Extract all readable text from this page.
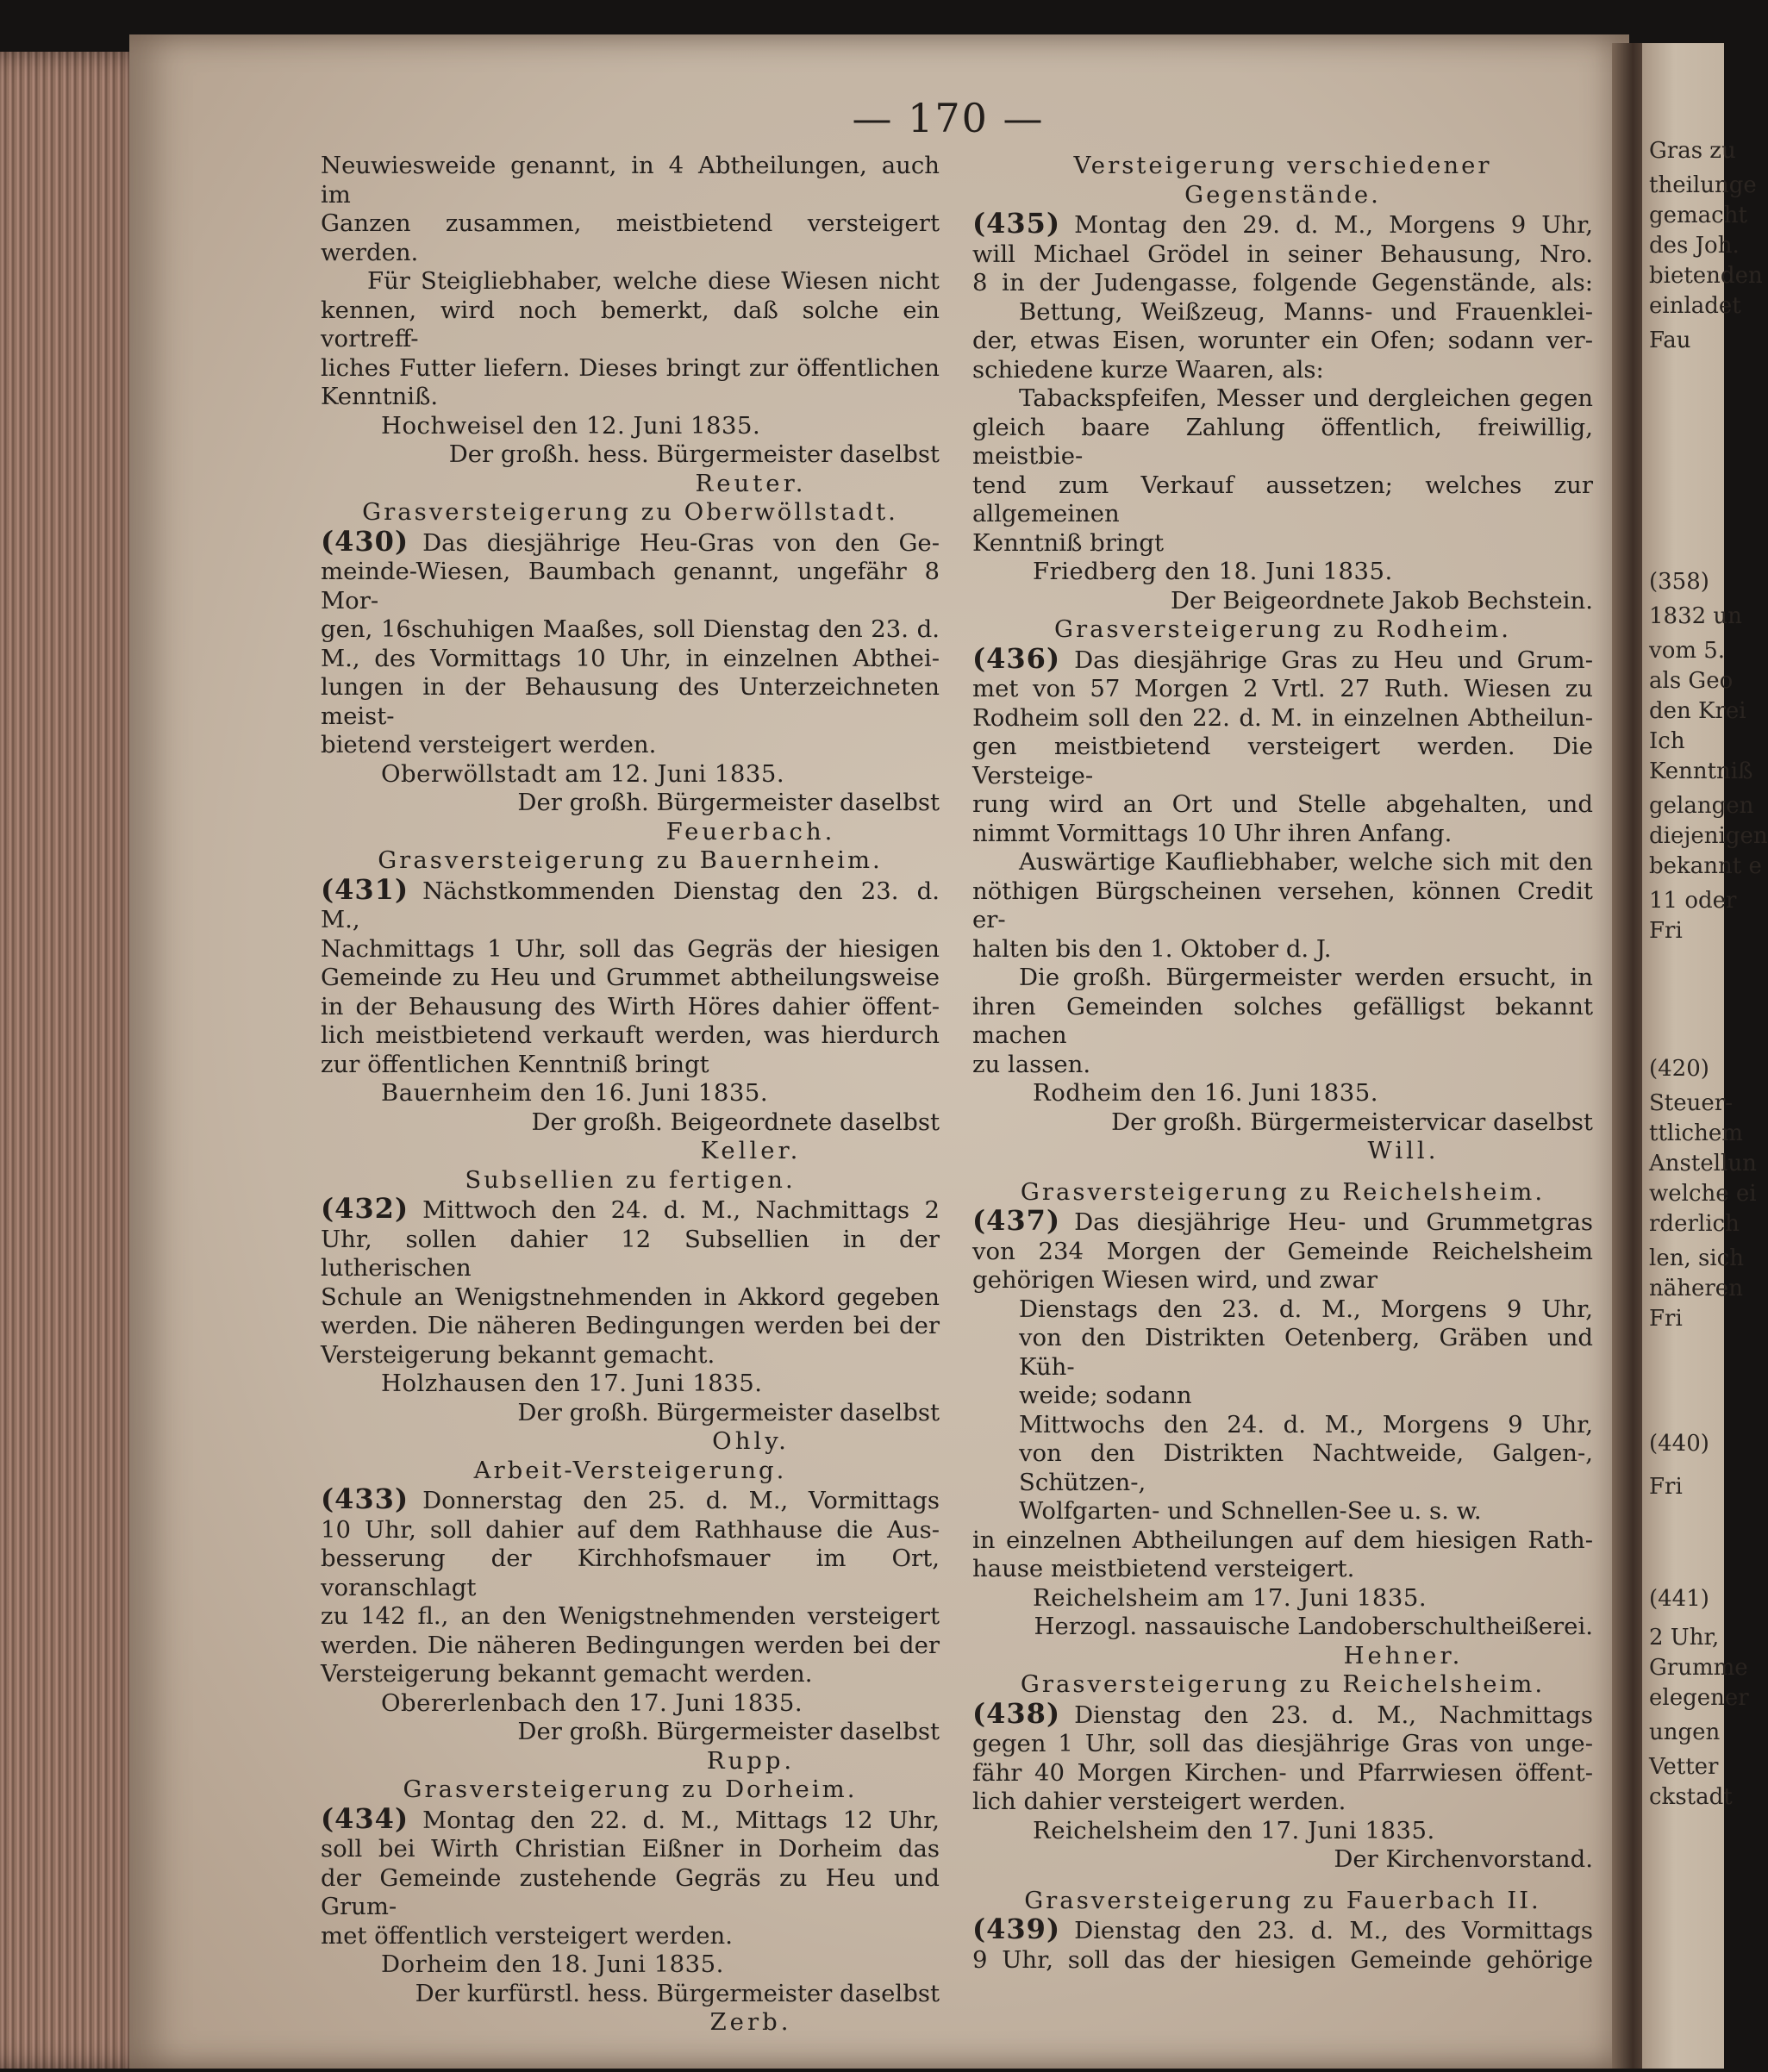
— 170 —

Neuwiesweide genannt, in 4 Abtheilungen, auch im

Ganzen zusammen, meistbietend versteigert werden.

Für Steigliebhaber, welche diese Wiesen nicht

kennen, wird noch bemerkt, daß solche ein vortreff-

liches Futter liefern. Dieses bringt zur öffentlichen

Kenntniß.

Hochweisel den 12. Juni 1835.

Der großh. hess. Bürgermeister daselbst

Reuter.

Grasversteigerung zu Oberwöllstadt.

(430) Das diesjährige Heu-Gras von den Ge-

meinde-Wiesen, Baumbach genannt, ungefähr 8 Mor-

gen, 16schuhigen Maaßes, soll Dienstag den 23. d.

M., des Vormittags 10 Uhr, in einzelnen Abthei-

lungen in der Behausung des Unterzeichneten meist-

bietend versteigert werden.

Oberwöllstadt am 12. Juni 1835.

Der großh. Bürgermeister daselbst

Feuerbach.

Grasversteigerung zu Bauernheim.

(431) Nächstkommenden Dienstag den 23. d. M.,

Nachmittags 1 Uhr, soll das Gegräs der hiesigen

Gemeinde zu Heu und Grummet abtheilungsweise

in der Behausung des Wirth Höres dahier öffent-

lich meistbietend verkauft werden, was hierdurch

zur öffentlichen Kenntniß bringt

Bauernheim den 16. Juni 1835.

Der großh. Beigeordnete daselbst

Keller.

Subsellien zu fertigen.

(432) Mittwoch den 24. d. M., Nachmittags 2

Uhr, sollen dahier 12 Subsellien in der lutherischen

Schule an Wenigstnehmenden in Akkord gegeben

werden. Die näheren Bedingungen werden bei der

Versteigerung bekannt gemacht.

Holzhausen den 17. Juni 1835.

Der großh. Bürgermeister daselbst

Ohly.

Arbeit-Versteigerung.

(433) Donnerstag den 25. d. M., Vormittags

10 Uhr, soll dahier auf dem Rathhause die Aus-

besserung der Kirchhofsmauer im Ort, voranschlagt

zu 142 fl., an den Wenigstnehmenden versteigert

werden. Die näheren Bedingungen werden bei der

Versteigerung bekannt gemacht werden.

Obererlenbach den 17. Juni 1835.

Der großh. Bürgermeister daselbst

Rupp.

Grasversteigerung zu Dorheim.

(434) Montag den 22. d. M., Mittags 12 Uhr,

soll bei Wirth Christian Eißner in Dorheim das

der Gemeinde zustehende Gegräs zu Heu und Grum-

met öffentlich versteigert werden.

Dorheim den 18. Juni 1835.

Der kurfürstl. hess. Bürgermeister daselbst

Zerb.

Versteigerung verschiedener Gegenstände.

(435) Montag den 29. d. M., Morgens 9 Uhr,

will Michael Grödel in seiner Behausung, Nro.

8 in der Judengasse, folgende Gegenstände, als:

Bettung, Weißzeug, Manns- und Frauenklei-

der, etwas Eisen, worunter ein Ofen; sodann ver-

schiedene kurze Waaren, als:

Tabackspfeifen, Messer und dergleichen gegen

gleich baare Zahlung öffentlich, freiwillig, meistbie-

tend zum Verkauf aussetzen; welches zur allgemeinen

Kenntniß bringt

Friedberg den 18. Juni 1835.

Der Beigeordnete Jakob Bechstein.

Grasversteigerung zu Rodheim.

(436) Das diesjährige Gras zu Heu und Grum-

met von 57 Morgen 2 Vrtl. 27 Ruth. Wiesen zu

Rodheim soll den 22. d. M. in einzelnen Abtheilun-

gen meistbietend versteigert werden. Die Versteige-

rung wird an Ort und Stelle abgehalten, und

nimmt Vormittags 10 Uhr ihren Anfang.

Auswärtige Kaufliebhaber, welche sich mit den

nöthigen Bürgscheinen versehen, können Credit er-

halten bis den 1. Oktober d. J.

Die großh. Bürgermeister werden ersucht, in

ihren Gemeinden solches gefälligst bekannt machen

zu lassen.

Rodheim den 16. Juni 1835.

Der großh. Bürgermeistervicar daselbst

Will.

Grasversteigerung zu Reichelsheim.

(437) Das diesjährige Heu- und Grummetgras

von 234 Morgen der Gemeinde Reichelsheim

gehörigen Wiesen wird, und zwar

Dienstags den 23. d. M., Morgens 9 Uhr,

von den Distrikten Oetenberg, Gräben und Küh-

weide; sodann

Mittwochs den 24. d. M., Morgens 9 Uhr,

von den Distrikten Nachtweide, Galgen-, Schützen-,

Wolfgarten- und Schnellen-See u. s. w.

in einzelnen Abtheilungen auf dem hiesigen Rath-

hause meistbietend versteigert.

Reichelsheim am 17. Juni 1835.

Herzogl. nassauische Landoberschultheißerei.

Hehner.

Grasversteigerung zu Reichelsheim.

(438) Dienstag den 23. d. M., Nachmittags

gegen 1 Uhr, soll das diesjährige Gras von unge-

fähr 40 Morgen Kirchen- und Pfarrwiesen öffent-

lich dahier versteigert werden.

Reichelsheim den 17. Juni 1835.

Der Kirchenvorstand.

Grasversteigerung zu Fauerbach II.

(439) Dienstag den 23. d. M., des Vormittags

9 Uhr, soll das der hiesigen Gemeinde gehörige

Gras zu
theilunge
gemacht
des Joh.
bietenden
einladet
Fau
(358)
1832 un
vom 5.
als Geo
den Krei
Ich
Kenntniß
gelangen
diejenigen
bekannt e
11 oder
Fri
(420)
Steuer-
ttlichem
Anstellun
welche ei
rderlich
len, sich
näheren
Fri
(440)
Fri
(441)
2 Uhr,
Grumme
elegener
ungen
Vetter
ckstadt
